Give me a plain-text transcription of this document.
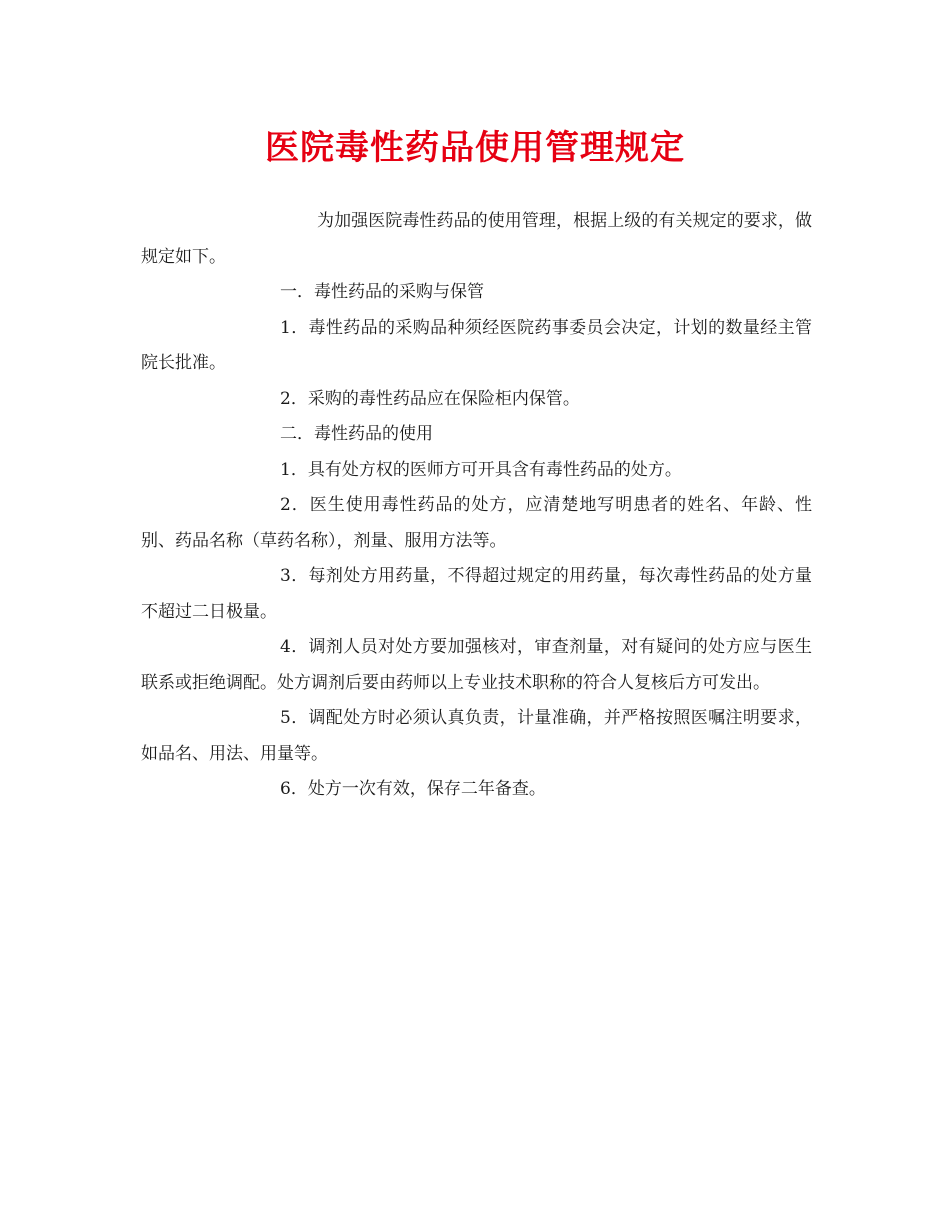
医院毒性药品使用管理规定

为加强医院毒性药品的使用管理，根据上级的有关规定的要求，做规定如下。

一．毒性药品的采购与保管

1．毒性药品的采购品种须经医院药事委员会决定，计划的数量经主管院长批准。

2．采购的毒性药品应在保险柜内保管。

二．毒性药品的使用

1．具有处方权的医师方可开具含有毒性药品的处方。

2．医生使用毒性药品的处方，应清楚地写明患者的姓名、年龄、性别、药品名称（草药名称），剂量、服用方法等。

3．每剂处方用药量，不得超过规定的用药量，每次毒性药品的处方量不超过二日极量。

4．调剂人员对处方要加强核对，审查剂量，对有疑问的处方应与医生联系或拒绝调配。处方调剂后要由药师以上专业技术职称的符合人复核后方可发出。

5．调配处方时必须认真负责，计量准确，并严格按照医嘱注明要求，如品名、用法、用量等。

6．处方一次有效，保存二年备查。
